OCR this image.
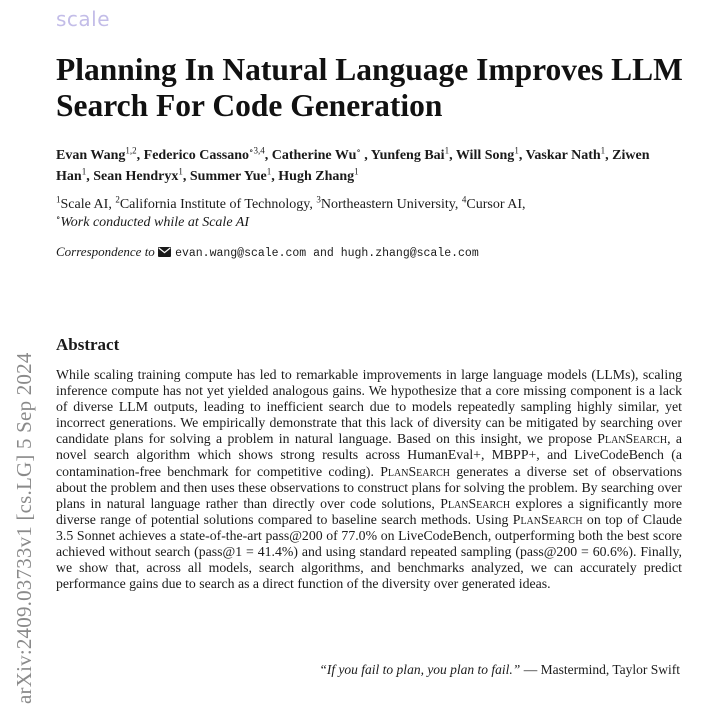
scale
Planning In Natural Language Improves LLM Search For Code Generation
Evan Wang$^{1,2}$, Federico Cassano$^{\circ 3,4}$, Catherine Wu∘ , Yunfeng Bai$^1$, Will Song$^1$, Vaskar Nath$^1$, Ziwen Han$^1$, Sean Hendryx$^1$, Summer Yue$^1$, Hugh Zhang$^1$
$^1$Scale AI, $^2$California Institute of Technology, $^3$Northeastern University, $^4$Cursor AI,
∘Work conducted while at Scale AI
Correspondence to evan.wang@scale.com and hugh.zhang@scale.com
arXiv:2409.03733v1 [cs.LG] 5 Sep 2024
Abstract

While scaling training compute has led to remarkable improvements in large language models (LLMs), scaling inference compute has not yet yielded analogous gains. We hypothesize that a core missing component is a lack of diverse LLM outputs, leading to inefficient search due to models repeatedly sampling highly similar, yet incorrect generations. We empirically demonstrate that this lack of diversity can be mitigated by searching over candidate plans for solving a problem in natural language. Based on this insight, we propose PlanSearch, a novel search algorithm which shows strong results across HumanEval+, MBPP+, and LiveCodeBench (a contamination-free benchmark for competitive coding). PlanSearch generates a diverse set of observations about the problem and then uses these observations to construct plans for solving the problem. By searching over plans in natural language rather than directly over code solutions, PlanSearch explores a significantly more diverse range of potential solutions compared to baseline search methods. Using PlanSearch on top of Claude 3.5 Sonnet achieves a state-of-the-art pass@200 of 77.0% on LiveCodeBench, outperforming both the best score achieved without search (pass@1 = 41.4%) and using standard repeated sampling (pass@200 = 60.6%). Finally, we show that, across all models, search algorithms, and benchmarks analyzed, we can accurately predict performance gains due to search as a direct function of the diversity over generated ideas.

“If you fail to plan, you plan to fail.” — Mastermind, Taylor Swift
